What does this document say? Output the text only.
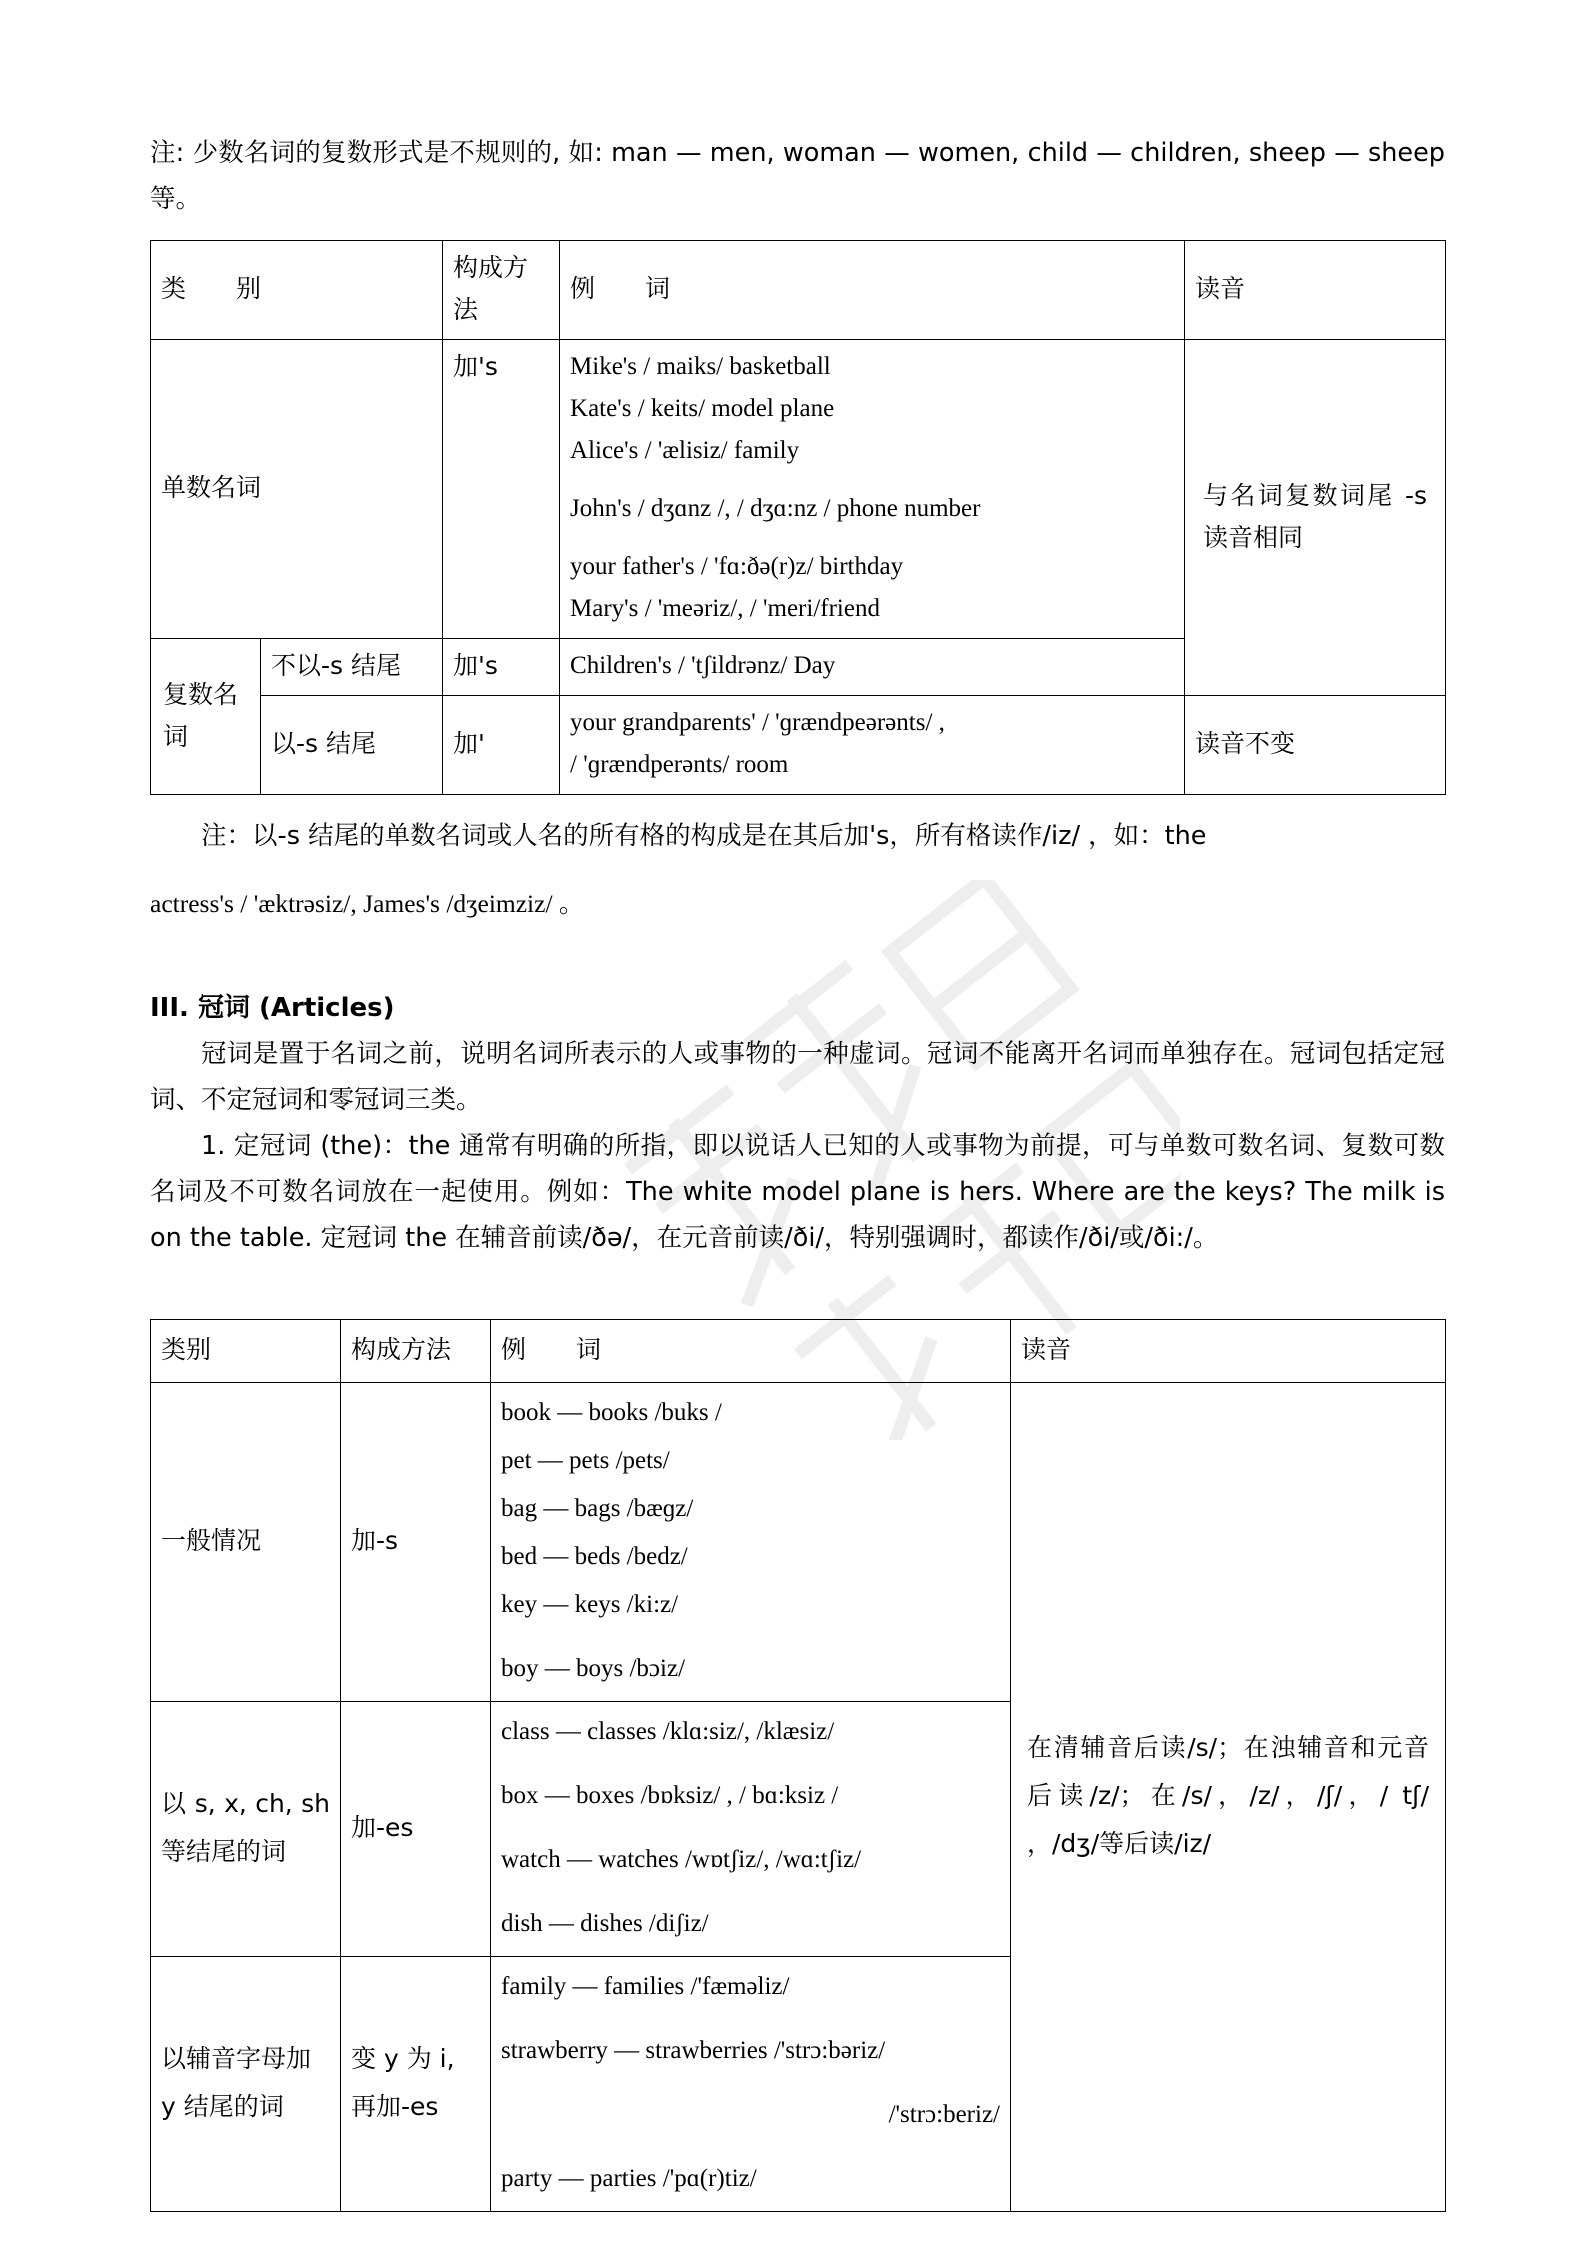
注: 少数名词的复数形式是不规则的, 如: man — men, woman — women, child — children, sheep — sheep 等。

类　　别		构成方法	例　　词	读音
单数名词	加's	Mike's / maiks/ basketball
Kate's / keits/ model plane
Alice's / 'ælisiz/ family
John's / dʒɑnz /, / dʒɑ:nz / phone number
your father's / 'fɑ:ðə(r)z/ birthday
Mary's / 'meəriz/, / 'meri/friend
	与名词复数词尾 -s 读音相同
复数名词	不以-s 结尾	加's	Children's / 'tʃildrənz/ Day	

	以-s 结尾	加'	your grandparents' / 'ɡrændpeərənts/ ,
/ 'ɡrændperənts/ room	读音不变

注：以-s 结尾的单数名词或人名的所有格的构成是在其后加's，所有格读作/iz/ ，如：the

actress's / 'æktrəsiz/, James's /dʒeimziz/ 。

III. 冠词 (Articles)

冠词是置于名词之前，说明名词所表示的人或事物的一种虚词。冠词不能离开名词而单独存在。冠词包括定冠词、不定冠词和零冠词三类。

1. 定冠词 (the)：the 通常有明确的所指，即以说话人已知的人或事物为前提，可与单数可数名词、复数可数名词及不可数名词放在一起使用。例如：The white model plane is hers. Where are the keys? The milk is on the table. 定冠词 the 在辅音前读/ðə/，在元音前读/ði/，特别强调时，都读作/ði/或/ði:/。

类别	构成方法	例　　词	读音
一般情况	加-s	
book — books /buks /
pet — pets /pets/
bag — bags /bæɡz/
bed — beds /bedz/
key — keys /ki:z/
boy — boys /bɔiz/
	在清辅音后读/s/；在浊辅音和元音后读/z/；在/s/，/z/，/ʃ/，/ tʃ/ ，/dʒ/等后读/iz/
以 s, x, ch, sh 等结尾的词	加-es	class — classes /klɑ:siz/, /klæsiz/
box — boxes /bɒksiz/ , / bɑ:ksiz /
watch — watches /wɒtʃiz/, /wɑ:tʃiz/
dish — dishes /diʃiz/	

以辅音字母加 y 结尾的词	变 y 为 i, 再加-es	family — families /'fæməliz/
strawberry — strawberries /'strɔ:bəriz/
/'strɔ:beriz/
party — parties /'pɑ(r)tiz/	
